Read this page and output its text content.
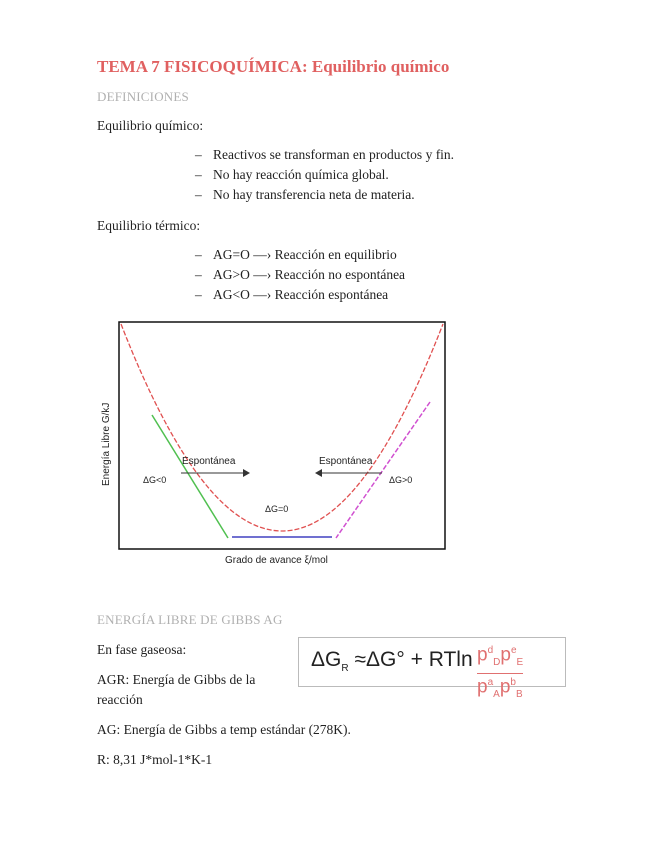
TEMA 7 FISICOQUÍMICA: Equilibrio químico
DEFINICIONES
Equilibrio químico:
– Reactivos se transforman en productos y fin.
– No hay reacción química global.
– No hay transferencia neta de materia.
Equilibrio térmico:
– AG=O —› Reacción en equilibrio
– AG>O —› Reacción no espontánea
– AG<O —› Reacción espontánea
Espontánea	Espontánea
ΔG<0
ΔG=0
ΔG>0
Energía Libre G/kJ
Grado de avance ξ/mol
ENERGÍA LIBRE DE GIBBS AG
En fase gaseosa:
AGR: Energía de Gibbs de la reacción
AG: Energía de Gibbs a temp estándar (278K).
R: 8,31 J*mol-1*K-1
$\Delta G_R \approx\Delta G^\circ + RTln$ $p^d_Dp^e_E$
$p^a_Ap^b_B$
